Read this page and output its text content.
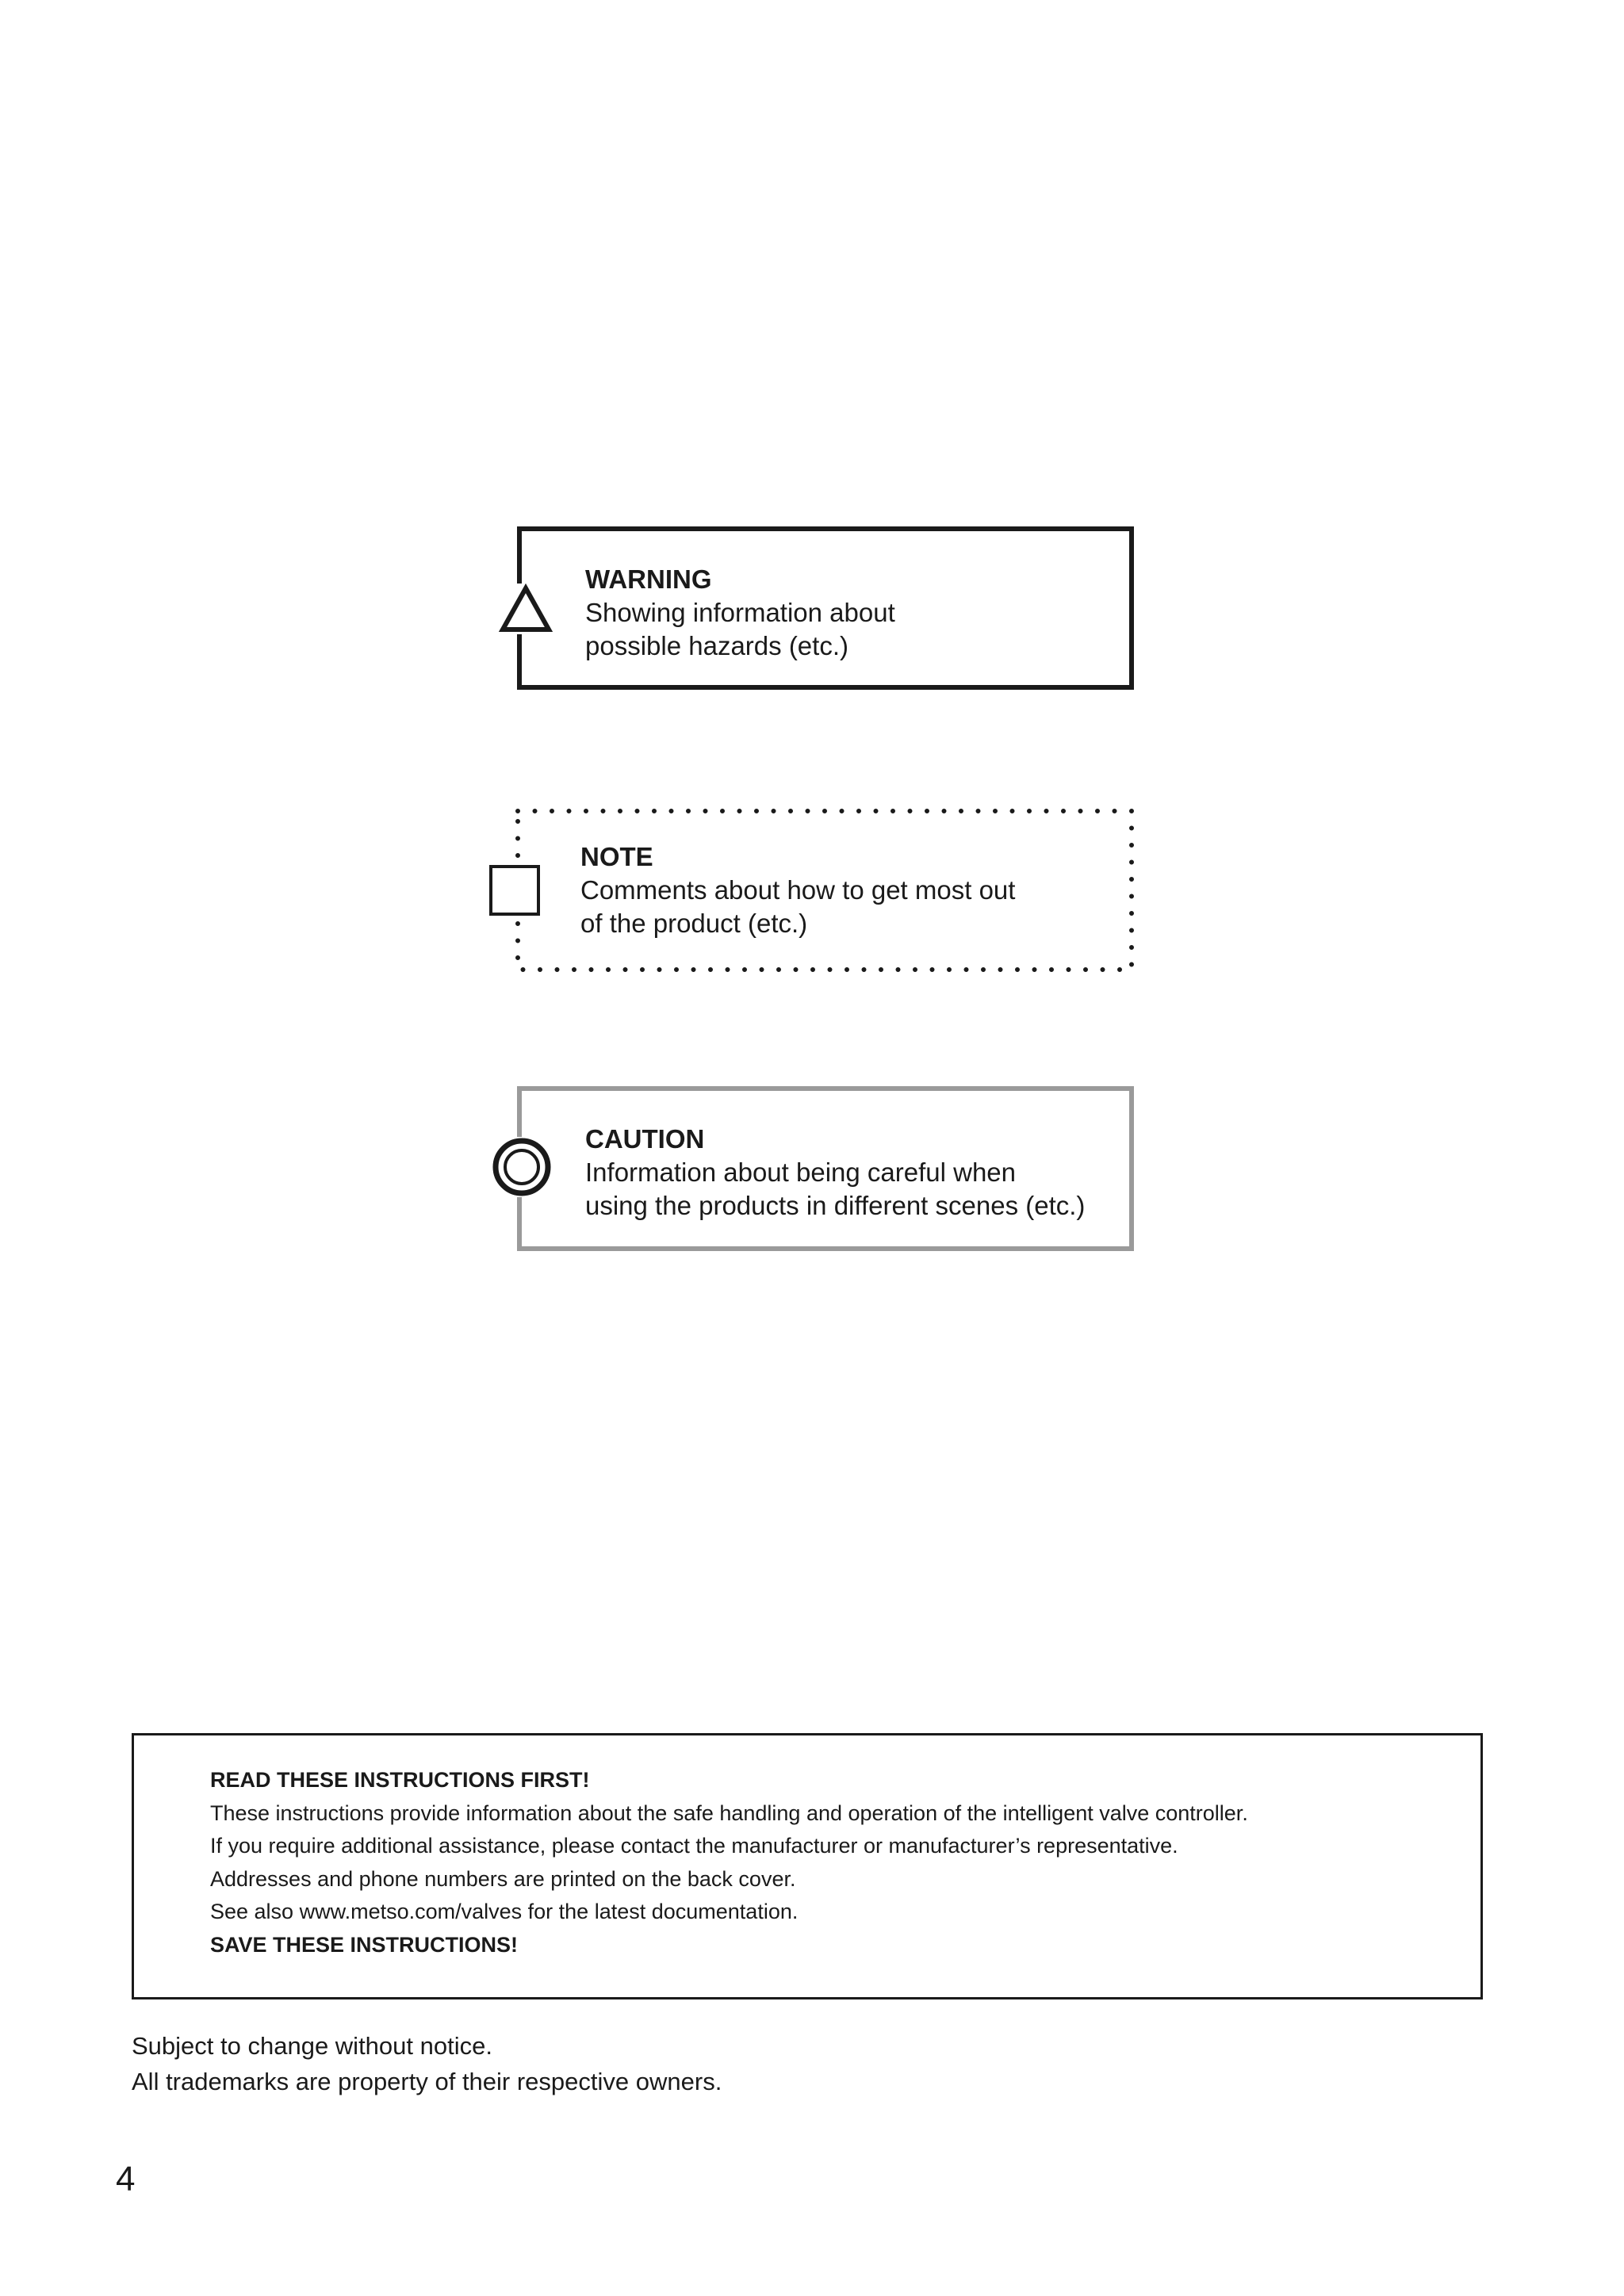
WARNING
Showing information about
possible hazards (etc.)
NOTE
Comments about how to get most out
of the product (etc.)
CAUTION
Information about being careful when
using the products in different scenes (etc.)
READ THESE INSTRUCTIONS FIRST!
These instructions provide information about the safe handling and operation of the intelligent valve controller.
If you require additional assistance, please contact the manufacturer or manufacturer’s representative.
Addresses and phone numbers are printed on the back cover.
See also www.metso.com/valves for the latest documentation.
SAVE THESE INSTRUCTIONS!
Subject to change without notice.
All trademarks are property of their respective owners.
4
